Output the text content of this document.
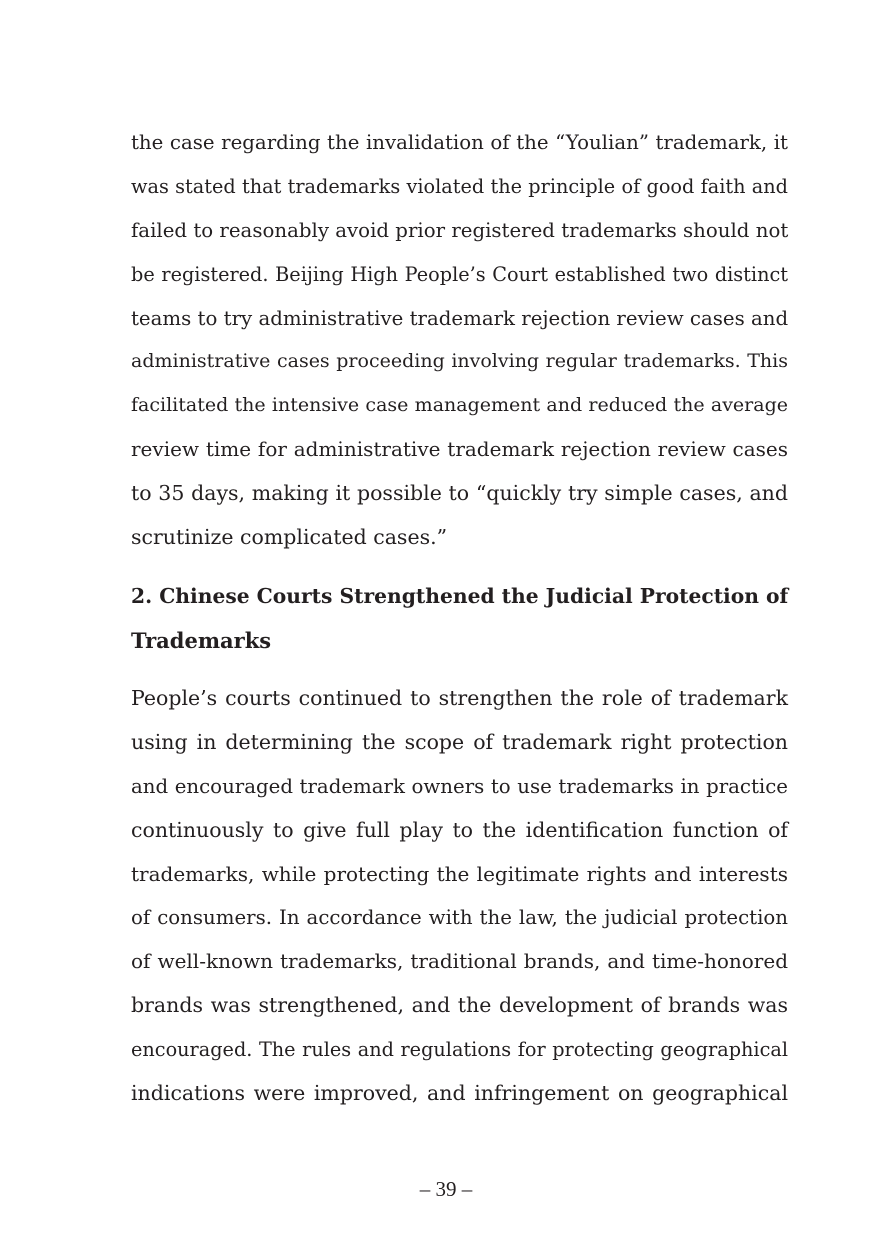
the case regarding the invalidation of the “Youlian” trademark, it
was stated that trademarks violated the principle of good faith and
failed to reasonably avoid prior registered trademarks should not
be registered. Beijing High People’s Court established two distinct
teams to try administrative trademark rejection review cases and
administrative cases proceeding involving regular trademarks. This
facilitated the intensive case management and reduced the average
review time for administrative trademark rejection review cases
to 35 days, making it possible to “quickly try simple cases, and
scrutinize complicated cases.”
2. Chinese Courts Strengthened the Judicial Protection of
Trademarks
People’s courts continued to strengthen the role of trademark
using in determining the scope of trademark right protection
and encouraged trademark owners to use trademarks in practice
continuously to give full play to the identification function of
trademarks, while protecting the legitimate rights and interests
of consumers. In accordance with the law, the judicial protection
of well-known trademarks, traditional brands, and time-honored
brands was strengthened, and the development of brands was
encouraged. The rules and regulations for protecting geographical
indications were improved, and infringement on geographical
– 39 –
